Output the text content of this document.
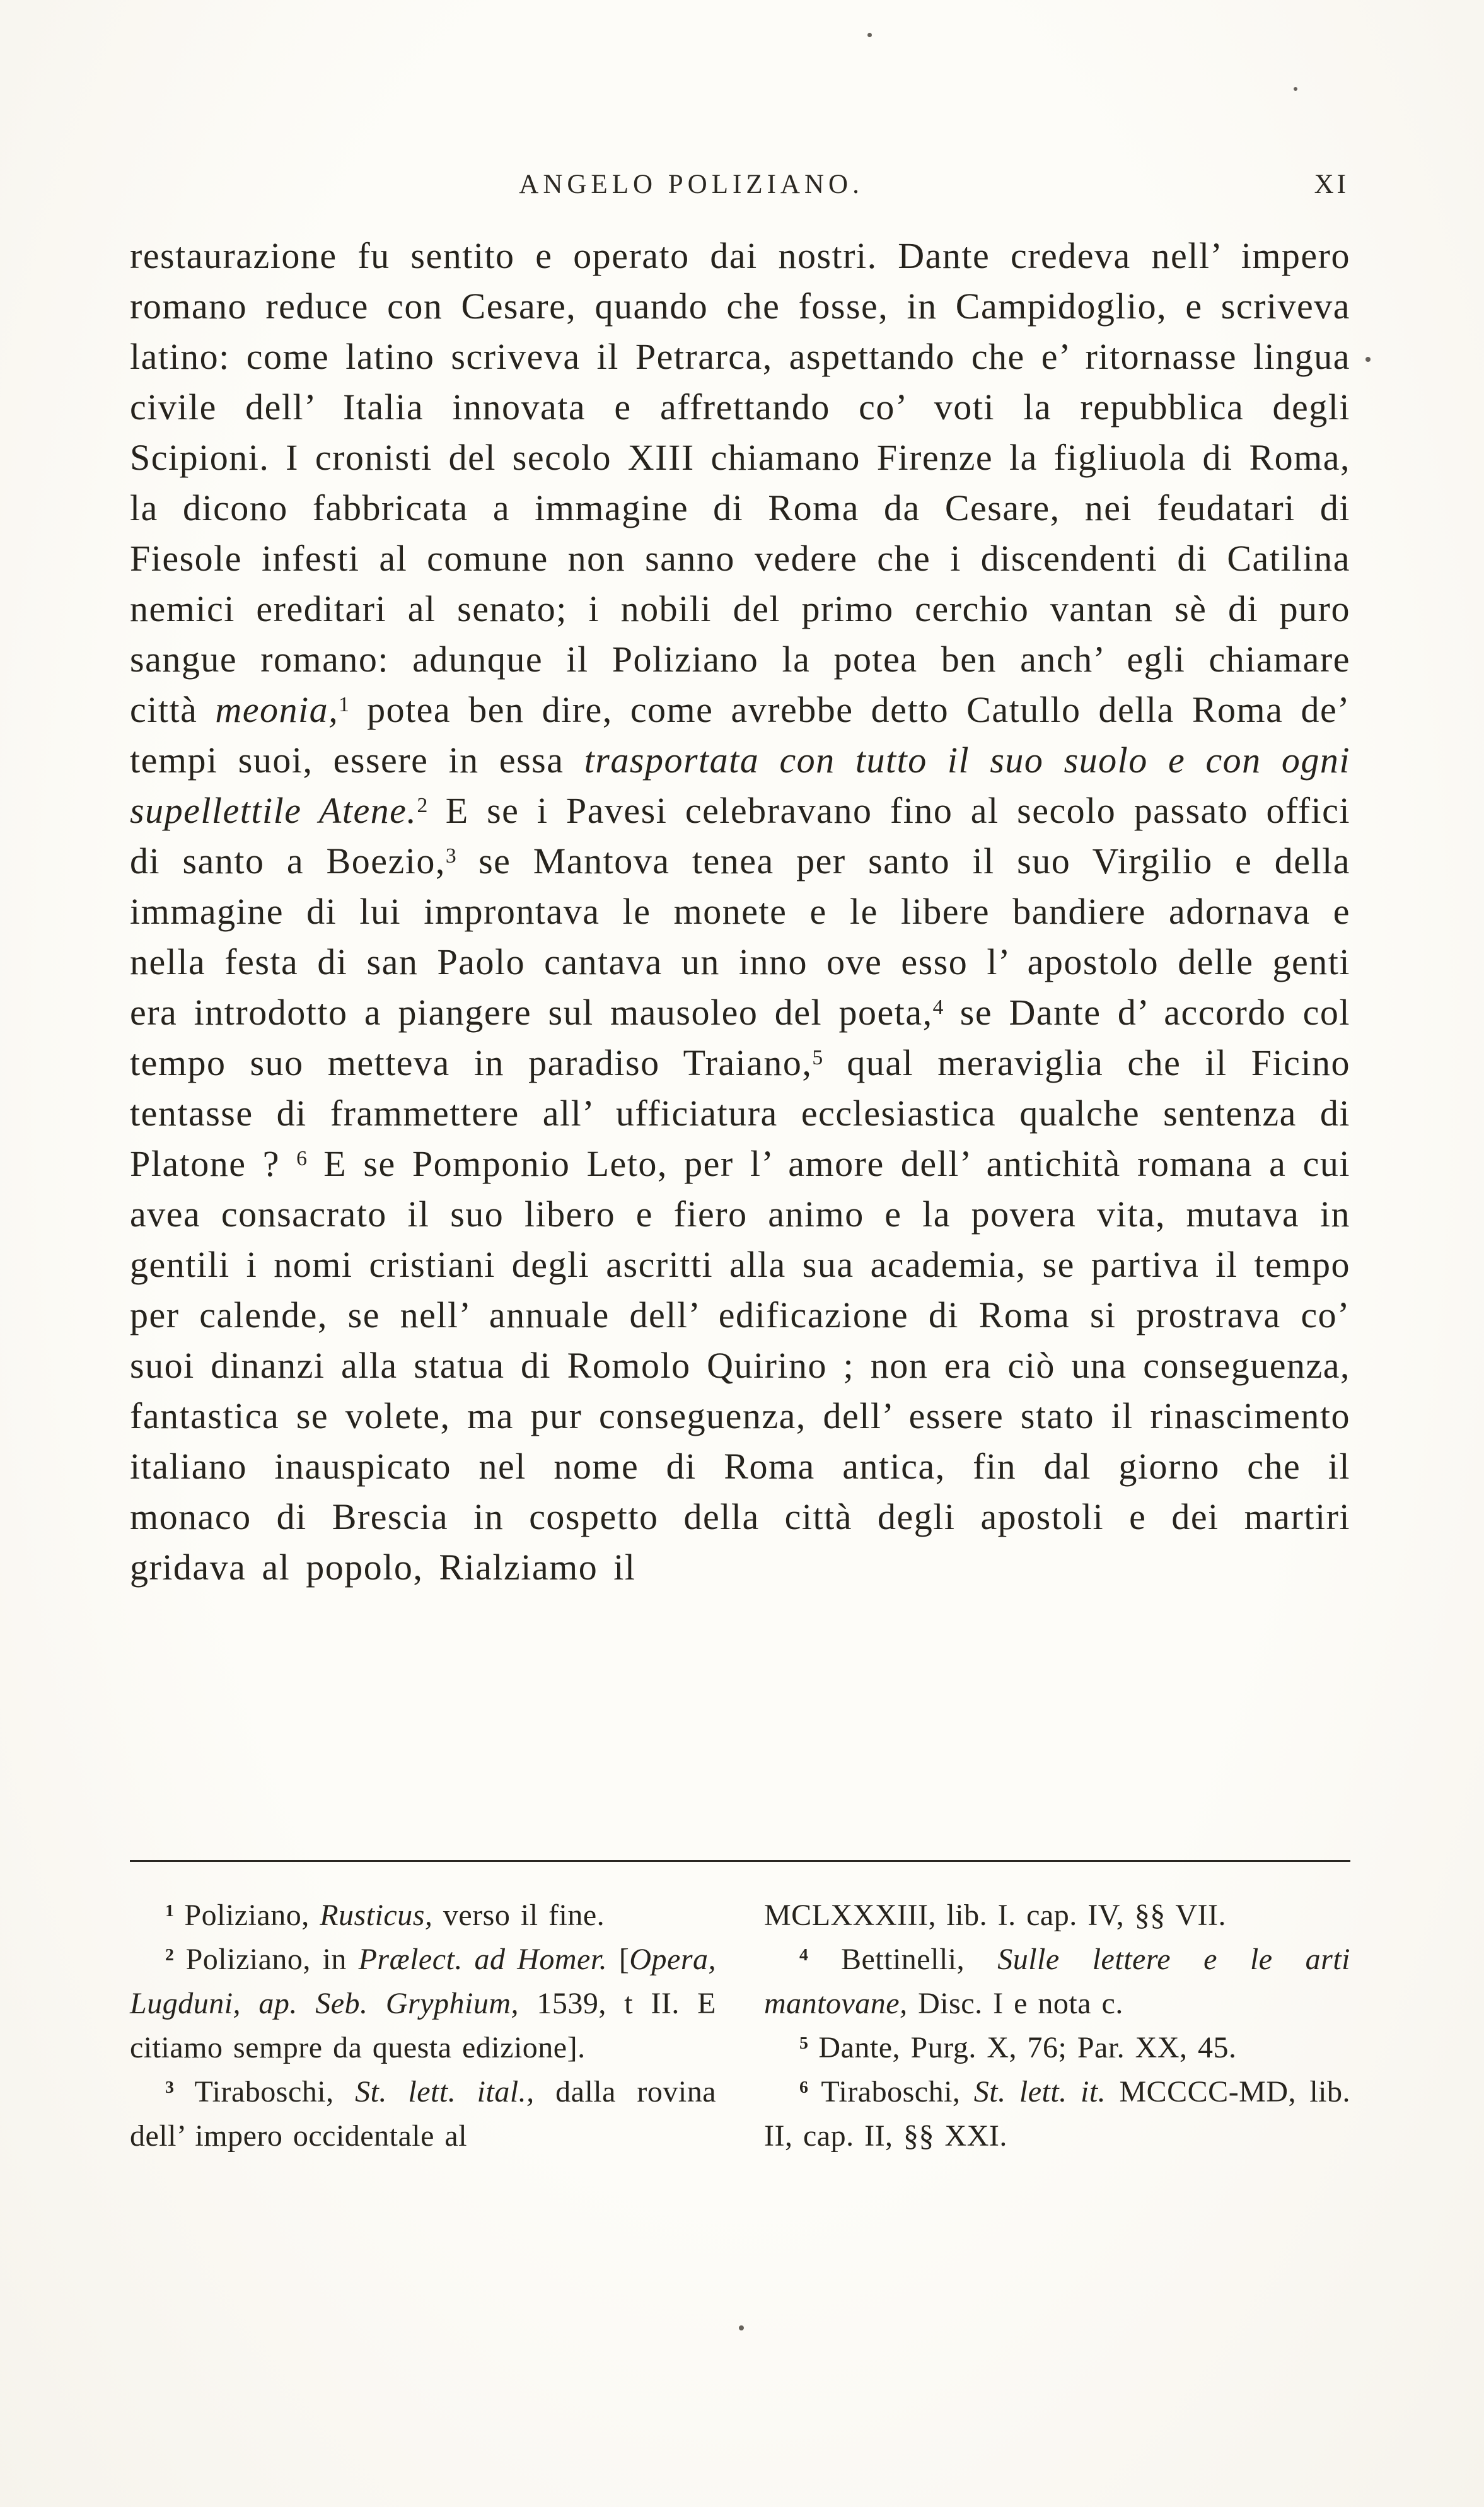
ANGELO POLIZIANO.	XI

restaurazione fu sentito e operato dai nostri. Dante credeva nell’ impero romano reduce con Cesare, quando che fosse, in Campidoglio, e scriveva latino: come latino scriveva il Petrarca, aspettando che e’ ritornasse lingua civile dell’ Italia innovata e affrettando co’ voti la repubblica degli Scipioni. I cronisti del secolo XIII chiamano Firenze la figliuola di Roma, la dicono fabbricata a immagine di Roma da Cesare, nei feudatari di Fiesole infesti al comune non sanno vedere che i discendenti di Catilina nemici ereditari al senato; i nobili del primo cerchio vantan sè di puro sangue romano: adunque il Poliziano la potea ben anch’ egli chiamare città meonia,$^1$ potea ben dire, come avrebbe detto Catullo della Roma de’ tempi suoi, essere in essa trasportata con tutto il suo suolo e con ogni supellettile Atene.$^2$ E se i Pavesi celebravano fino al secolo passato offici di santo a Boezio,$^3$ se Mantova tenea per santo il suo Virgilio e della immagine di lui improntava le monete e le libere bandiere adornava e nella festa di san Paolo cantava un inno ove esso l’ apostolo delle genti era introdotto a piangere sul mausoleo del poeta,$^4$ se Dante d’ accordo col tempo suo metteva in paradiso Traiano,$^5$ qual meraviglia che il Ficino tentasse di frammettere all’ ufficiatura ecclesiastica qualche sentenza di Platone ? $^6$ E se Pomponio Leto, per l’ amore dell’ antichità romana a cui avea consacrato il suo libero e fiero animo e la povera vita, mutava in gentili i nomi cristiani degli ascritti alla sua academia, se partiva il tempo per calende, se nell’ annuale dell’ edificazione di Roma si prostrava co’ suoi dinanzi alla statua di Romolo Quirino ; non era ciò una conseguenza, fantastica se volete, ma pur conseguenza, dell’ essere stato il rinascimento italiano inauspicato nel nome di Roma antica, fin dal giorno che il monaco di Brescia in cospetto della città degli apostoli e dei martiri gridava al popolo, Rialziamo il

$^1$ Poliziano, Rusticus, verso il fine.

$^2$ Poliziano, in Prælect. ad Homer. [Opera, Lugduni, ap. Seb. Gryphium, 1539, t II. E citiamo sempre da questa edizione].

$^3$ Tiraboschi, St. lett. ital., dalla rovina dell’ impero occidentale al

MCLXXXIII, lib. I. cap. IV, §§ VII.

$^4$ Bettinelli, Sulle lettere e le arti mantovane, Disc. I e nota c.

$^5$ Dante, Purg. X, 76; Par. XX, 45.

$^6$ Tiraboschi, St. lett. it. MCCCC-MD, lib. II, cap. II, §§ XXI.
